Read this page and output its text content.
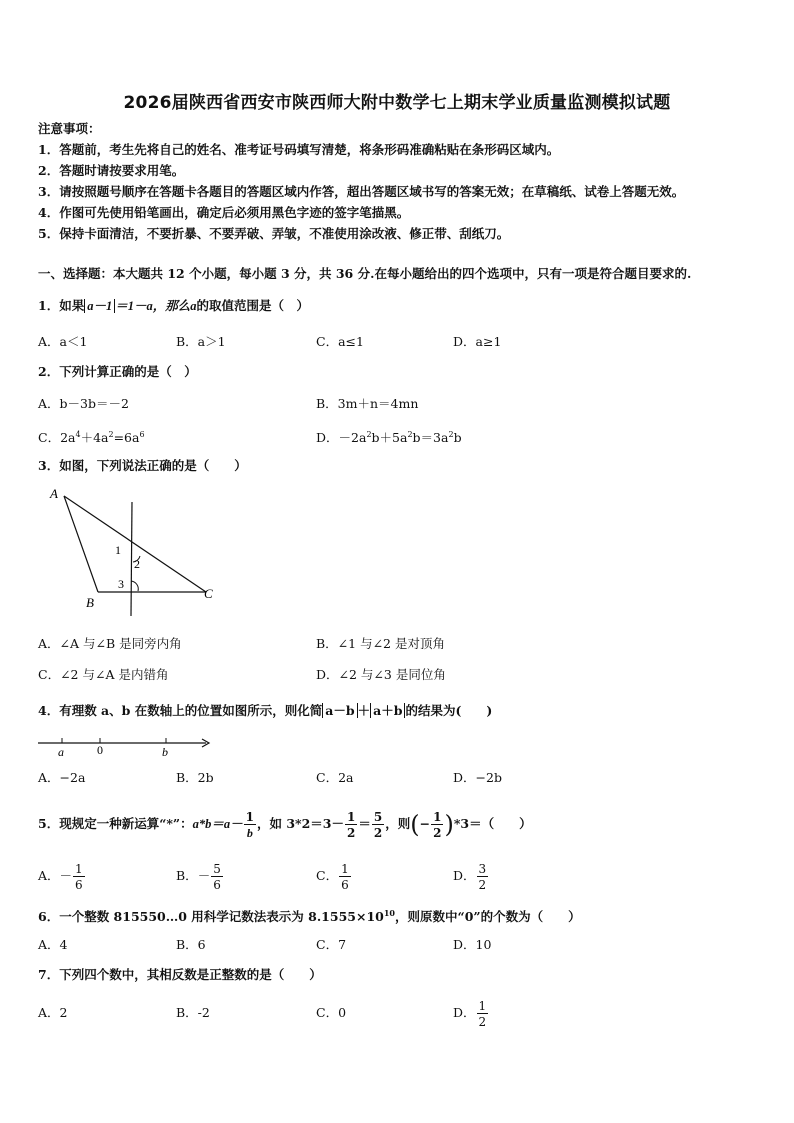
2026届陕西省西安市陕西师大附中数学七上期末学业质量监测模拟试题
注意事项：
1．答题前，考生先将自己的姓名、准考证号码填写清楚，将条形码准确粘贴在条形码区域内。
2．答题时请按要求用笔。
3．请按照题号顺序在答题卡各题目的答题区域内作答，超出答题区域书写的答案无效；在草稿纸、试卷上答题无效。
4．作图可先使用铅笔画出，确定后必须用黑色字迹的签字笔描黑。
5．保持卡面清洁，不要折暴、不要弄破、弄皱，不准使用涂改液、修正带、刮纸刀。
一、选择题：本大题共 12 个小题，每小题 3 分，共 36 分.在每小题给出的四个选项中，只有一项是符合题目要求的.
1．如果 a－1 ＝1－a，那么a的取值范围是（　）
A．a＜1	B．a＞1	C．a≤1	D．a≥1
2．下列计算正确的是（　）
A．b－3b＝－2	B．3m＋n＝4mn
C．$2a^4+4a^2=6a^6$	D．$-2a^2b+5a^2b=3a^2b$
3．如图，下列说法正确的是（　　）
A
B
C
1
2
3
A．∠A 与∠B 是同旁内角	B．∠1 与∠2 是对顶角
C．∠2 与∠A 是内错角	D．∠2 与∠3 是同位角
4．有理数 a、b 在数轴上的位置如图所示，则化简 a－b ＋ a＋b 的结果为(　　)
a	0	b
A．−2a	B．2b	C．2a	D．−2b
5．现规定一种新运算“*”：$a*b=a- \frac{1}{b}$ ，如 $3*2=3- \frac{1}{2} = \frac{5}{2}$ ，则(− $\frac{1}{2} )*3=$（　　）
A．－ $\frac{1}{6}$	B．－ $\frac{5}{6}$	C． $\frac{1}{6}$	D． $\frac{3}{2}$
6．一个整数 815550…0 用科学记数法表示为 $8.1555\times 10^{10}$，则原数中“0”的个数为（　　）
A．4	B．6	C．7	D．10
7．下列四个数中，其相反数是正整数的是（　　）
A．2	B．-2	C．0	D． $\frac{1}{2}$
